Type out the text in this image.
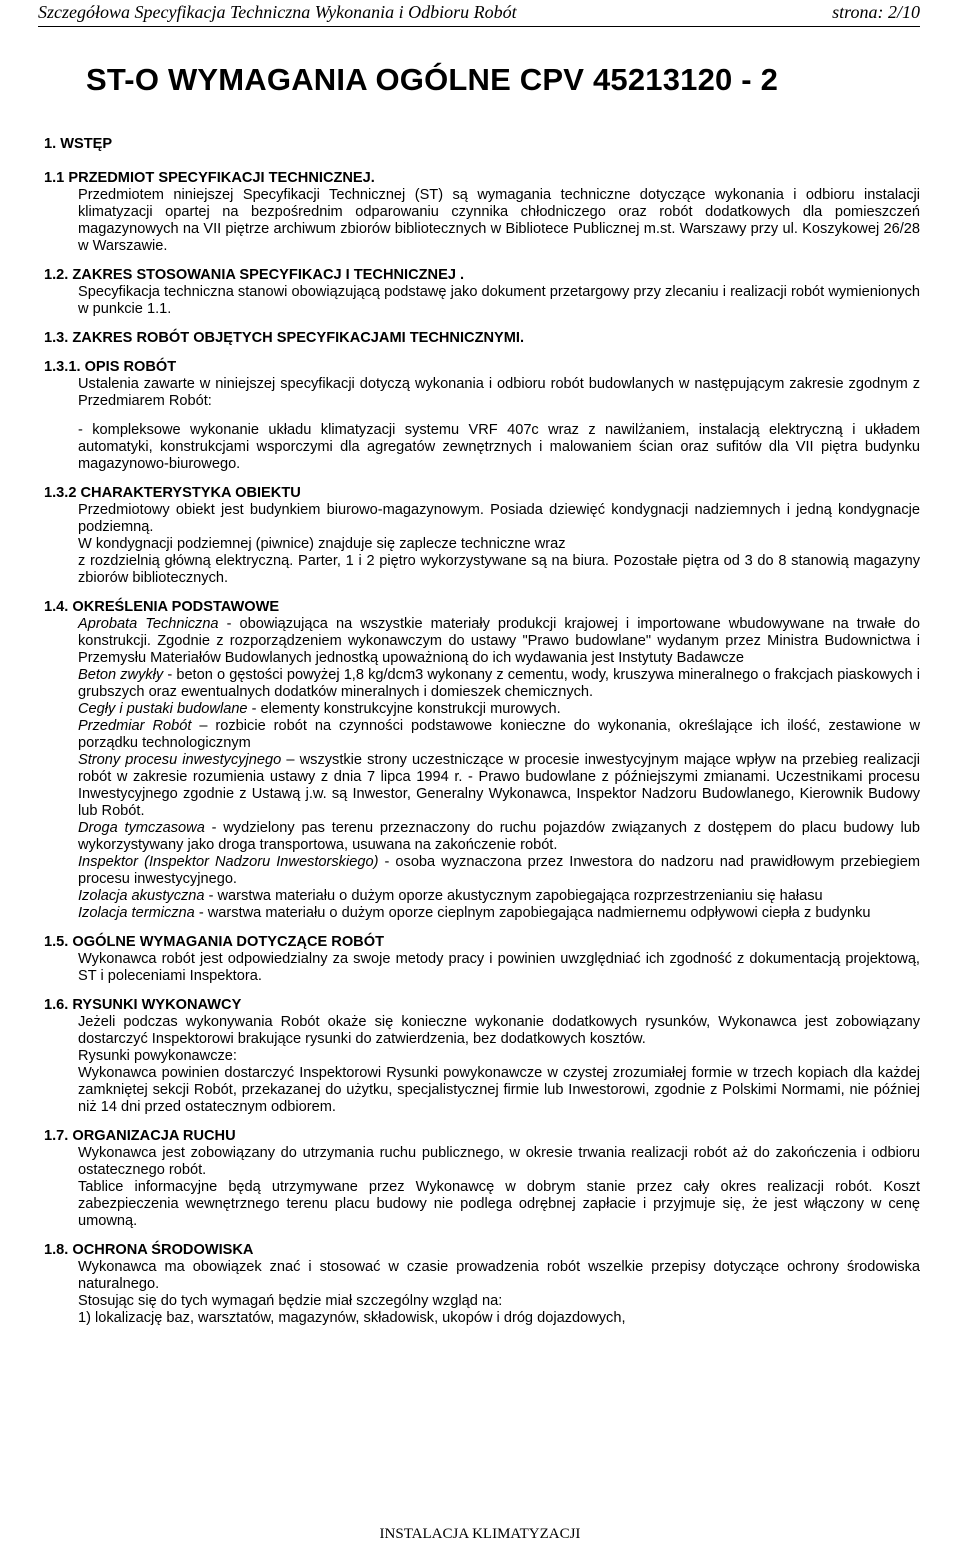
Szczegółowa Specyfikacja Techniczna Wykonania i Odbioru Robót	strona: 2/10
ST-O WYMAGANIA OGÓLNE CPV 45213120 - 2
1. WSTĘP
1.1 PRZEDMIOT SPECYFIKACJI TECHNICZNEJ.
Przedmiotem niniejszej Specyfikacji Technicznej (ST) są wymagania techniczne dotyczące wykonania i odbioru instalacji klimatyzacji opartej na bezpośrednim odparowaniu czynnika chłodniczego oraz robót dodatkowych dla pomieszczeń magazynowych na VII piętrze archiwum zbiorów bibliotecznych w Bibliotece Publicznej m.st. Warszawy przy ul. Koszykowej 26/28 w Warszawie.
1.2. ZAKRES STOSOWANIA SPECYFIKACJ I TECHNICZNEJ .
Specyfikacja techniczna stanowi obowiązującą podstawę jako dokument przetargowy przy zlecaniu i realizacji robót wymienionych w punkcie 1.1.
1.3. ZAKRES ROBÓT OBJĘTYCH SPECYFIKACJAMI TECHNICZNYMI.
1.3.1. OPIS ROBÓT
Ustalenia zawarte w niniejszej specyfikacji dotyczą wykonania i odbioru robót budowlanych w następującym zakresie zgodnym z Przedmiarem Robót:
- kompleksowe wykonanie układu klimatyzacji systemu VRF 407c wraz z nawilżaniem, instalacją elektryczną i układem automatyki, konstrukcjami wsporczymi dla agregatów zewnętrznych i malowaniem ścian oraz sufitów dla VII piętra budynku magazynowo-biurowego.
1.3.2 CHARAKTERYSTYKA OBIEKTU
Przedmiotowy obiekt jest budynkiem biurowo-magazynowym. Posiada dziewięć kondygnacji nadziemnych i jedną kondygnacje podziemną.
W kondygnacji podziemnej (piwnice) znajduje się zaplecze techniczne wraz
z rozdzielnią główną elektryczną. Parter, 1 i 2 piętro wykorzystywane są na biura. Pozostałe piętra od 3 do 8 stanowią magazyny zbiorów bibliotecznych.
1.4. OKREŚLENIA PODSTAWOWE
Aprobata Techniczna - obowiązująca na wszystkie materiały produkcji krajowej i importowane wbudowywane na trwałe do konstrukcji. Zgodnie z rozporządzeniem wykonawczym do ustawy "Prawo budowlane" wydanym przez Ministra Budownictwa i Przemysłu Materiałów Budowlanych jednostką upoważnioną do ich wydawania jest Instytuty Badawcze
Beton zwykły - beton o gęstości powyżej 1,8 kg/dcm3 wykonany z cementu, wody, kruszywa mineralnego o frakcjach piaskowych i grubszych oraz ewentualnych dodatków mineralnych i domieszek chemicznych.
Cegły i pustaki budowlane - elementy konstrukcyjne konstrukcji murowych.
Przedmiar Robót – rozbicie robót na czynności podstawowe konieczne do wykonania, określające ich ilość, zestawione w porządku technologicznym
Strony procesu inwestycyjnego – wszystkie strony uczestniczące w procesie inwestycyjnym mające wpływ na przebieg realizacji robót w zakresie rozumienia ustawy z dnia 7 lipca 1994 r. - Prawo budowlane z późniejszymi zmianami. Uczestnikami procesu Inwestycyjnego zgodnie z Ustawą j.w. są Inwestor, Generalny Wykonawca, Inspektor Nadzoru Budowlanego, Kierownik Budowy lub Robót.
Droga tymczasowa - wydzielony pas terenu przeznaczony do ruchu pojazdów związanych z dostępem do placu budowy lub wykorzystywany jako droga transportowa, usuwana na zakończenie robót.
Inspektor (Inspektor Nadzoru Inwestorskiego) - osoba wyznaczona przez Inwestora do nadzoru nad prawidłowym przebiegiem procesu inwestycyjnego.
Izolacja akustyczna - warstwa materiału o dużym oporze akustycznym zapobiegająca rozprzestrzenianiu się hałasu
Izolacja termiczna - warstwa materiału o dużym oporze cieplnym zapobiegająca nadmiernemu odpływowi ciepła z budynku
1.5. OGÓLNE WYMAGANIA DOTYCZĄCE ROBÓT
Wykonawca robót jest odpowiedzialny za swoje metody pracy i powinien uwzględniać ich zgodność z dokumentacją projektową, ST i poleceniami Inspektora.
1.6. RYSUNKI WYKONAWCY
Jeżeli podczas wykonywania Robót okaże się konieczne wykonanie dodatkowych rysunków, Wykonawca jest zobowiązany dostarczyć Inspektorowi brakujące rysunki do zatwierdzenia, bez dodatkowych kosztów.
Rysunki powykonawcze:
Wykonawca powinien dostarczyć Inspektorowi Rysunki powykonawcze w czystej zrozumiałej formie w trzech kopiach dla każdej zamkniętej sekcji Robót, przekazanej do użytku, specjalistycznej firmie lub Inwestorowi, zgodnie z Polskimi Normami, nie później niż 14 dni przed ostatecznym odbiorem.
1.7. ORGANIZACJA RUCHU
Wykonawca jest zobowiązany do utrzymania ruchu publicznego, w okresie trwania realizacji robót aż do zakończenia i odbioru ostatecznego robót.
Tablice informacyjne będą utrzymywane przez Wykonawcę w dobrym stanie przez cały okres realizacji robót. Koszt zabezpieczenia wewnętrznego terenu placu budowy nie podlega odrębnej zapłacie i przyjmuje się, że jest włączony w cenę umowną.
1.8. OCHRONA ŚRODOWISKA
Wykonawca ma obowiązek znać i stosować w czasie prowadzenia robót wszelkie przepisy dotyczące ochrony środowiska naturalnego.
Stosując się do tych wymagań będzie miał szczególny wzgląd na:
1) lokalizację baz, warsztatów, magazynów, składowisk, ukopów i dróg dojazdowych,
INSTALACJA KLIMATYZACJI
